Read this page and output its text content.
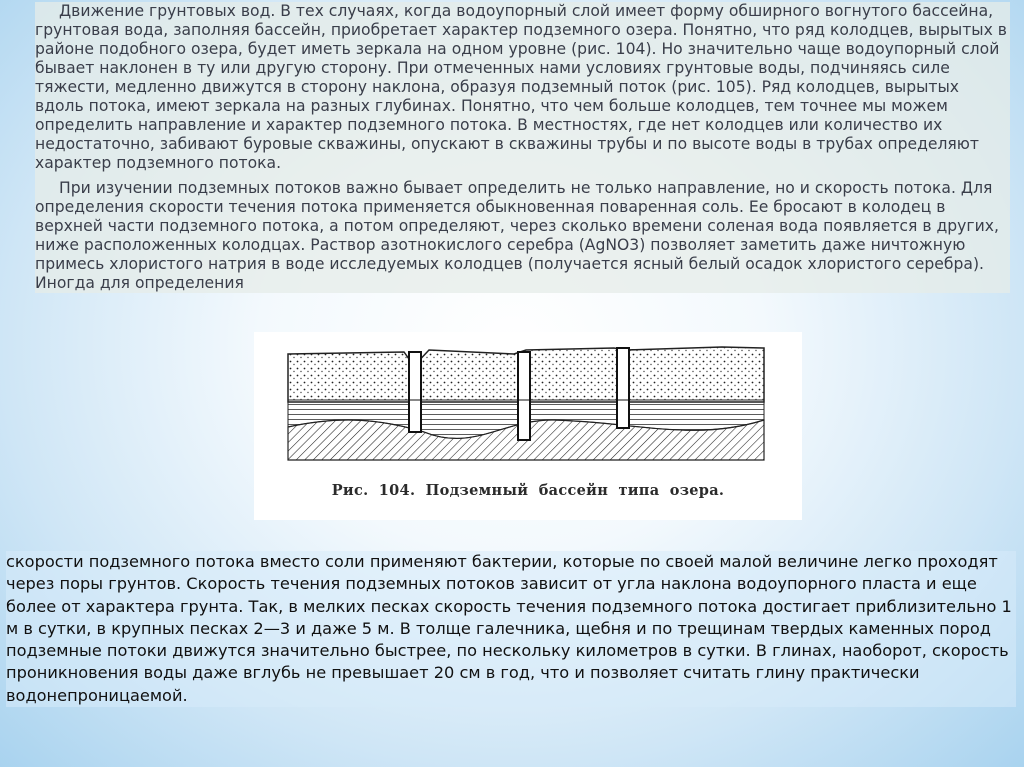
Движение грунтовых вод. В тех случаях, когда водоупорный слой имеет форму обширного вогнутого бассейна, грунтовая вода, заполняя бассейн, приобретает характер подземного озера. Понятно, что ряд колодцев, вырытых в районе подобного озера, будет иметь зеркала на одном уровне (рис. 104). Но значительно чаще водоупорный слой бывает наклонен в ту или другую сторону. При отмеченных нами условиях грунтовые воды, подчиняясь силе тяжести, медленно движутся в сторону наклона, образуя подземный поток (рис. 105). Ряд колодцев, вырытых вдоль потока, имеют зеркала на разных глубинах. Понятно, что чем больше колодцев, тем точнее мы можем определить направление и характер подземного потока. В местностях, где нет колодцев или количество их недостаточно, забивают буровые скважины, опускают в скважины трубы и по высоте воды в трубах определяют характер подземного потока.

При изучении подземных потоков важно бывает определить не только направление, но и скорость потока. Для определения скорости течения потока применяется обыкновенная поваренная соль. Ее бросают в колодец в верхней части подземного потока, а потом определяют, через сколько времени соленая вода появляется в других, ниже расположенных колодцах. Раствор азотнокислого серебра (AgNO3) позволяет заметить даже ничтожную примесь хлористого натрия в воде исследуемых колодцев (получается ясный белый осадок хлористого серебра). Иногда для определения

Рис. 104. Подземный бассейн типа озера.

скорости подземного потока вместо соли применяют бактерии, которые по своей малой величине легко проходят через поры грунтов. Скорость течения подземных потоков зависит от угла наклона водоупорного пласта и еще более от характера грунта. Так, в мелких песках скорость течения подземного потока достигает приблизительно 1 м в сутки, в крупных песках 2—3 и даже 5 м. В толще галечника, щебня и по трещинам твердых каменных пород подземные потоки движутся значительно быстрее, по нескольку километров в сутки. В глинах, наоборот, скорость проникновения воды даже вглубь не превышает 20 см в год, что и позволяет считать глину практически водонепроницаемой.
